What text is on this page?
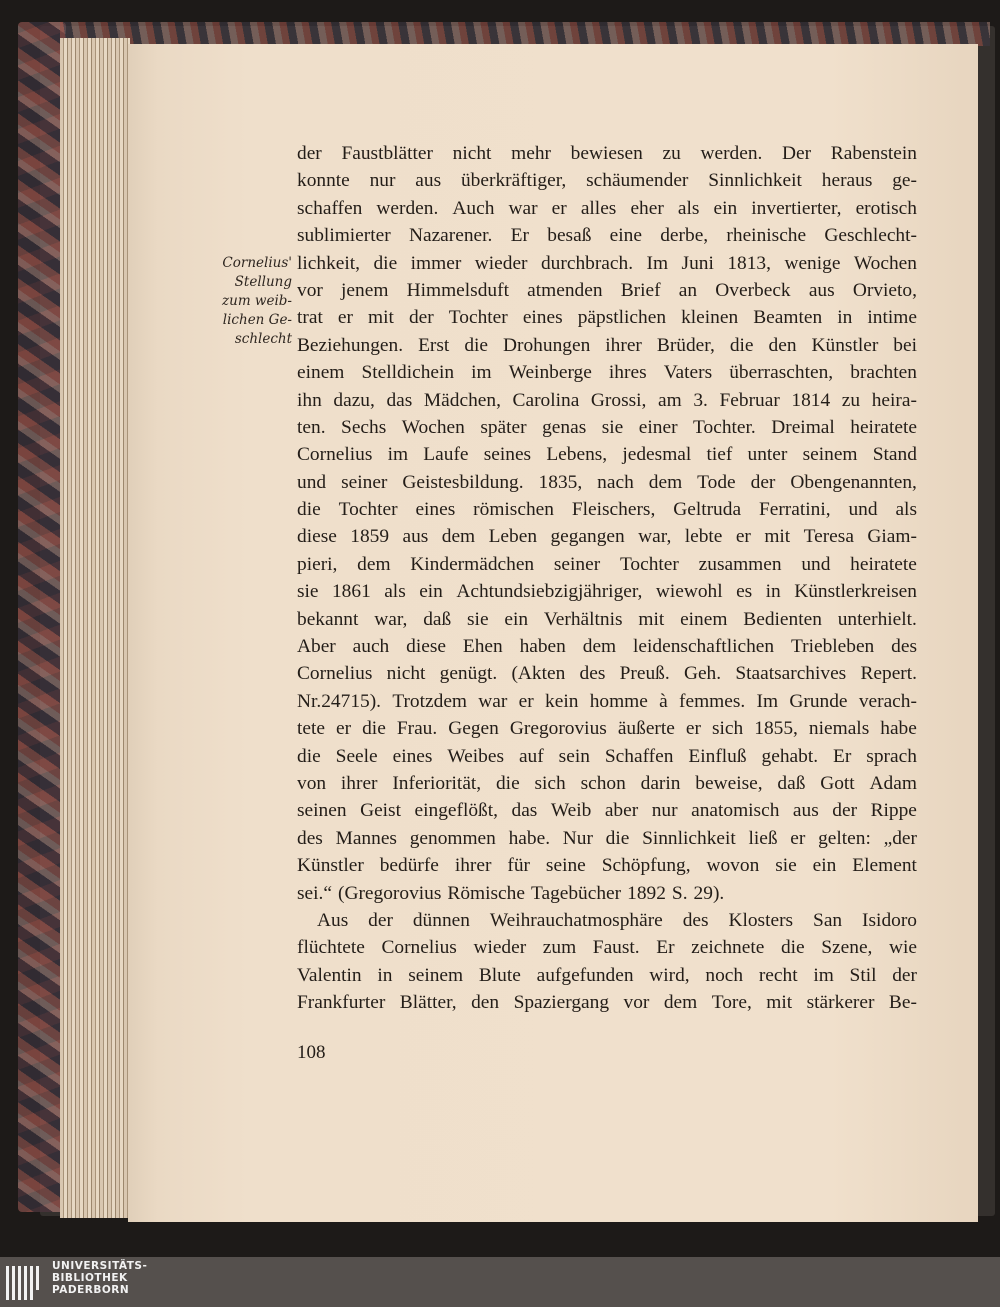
Cornelius'
Stellung
zum weib-
lichen Ge-
schlecht
der Faustblätter nicht mehr bewiesen zu werden. Der Rabenstein
konnte nur aus überkräftiger, schäumender Sinnlichkeit heraus ge-
schaffen werden. Auch war er alles eher als ein invertierter, erotisch
sublimierter Nazarener. Er besaß eine derbe, rheinische Geschlecht-
lichkeit, die immer wieder durchbrach. Im Juni 1813, wenige Wochen
vor jenem Himmelsduft atmenden Brief an Overbeck aus Orvieto,
trat er mit der Tochter eines päpstlichen kleinen Beamten in intime
Beziehungen. Erst die Drohungen ihrer Brüder, die den Künstler bei
einem Stelldichein im Weinberge ihres Vaters überraschten, brachten
ihn dazu, das Mädchen, Carolina Grossi, am 3. Februar 1814 zu heira-
ten. Sechs Wochen später genas sie einer Tochter. Dreimal heiratete
Cornelius im Laufe seines Lebens, jedesmal tief unter seinem Stand
und seiner Geistesbildung. 1835, nach dem Tode der Obengenannten,
die Tochter eines römischen Fleischers, Geltruda Ferratini, und als
diese 1859 aus dem Leben gegangen war, lebte er mit Teresa Giam-
pieri, dem Kindermädchen seiner Tochter zusammen und heiratete
sie 1861 als ein Achtundsiebzigjähriger, wiewohl es in Künstlerkreisen
bekannt war, daß sie ein Verhältnis mit einem Bedienten unterhielt.
Aber auch diese Ehen haben dem leidenschaftlichen Triebleben des
Cornelius nicht genügt. (Akten des Preuß. Geh. Staatsarchives Repert.
Nr.24715). Trotzdem war er kein homme à femmes. Im Grunde verach-
tete er die Frau. Gegen Gregorovius äußerte er sich 1855, niemals habe
die Seele eines Weibes auf sein Schaffen Einfluß gehabt. Er sprach
von ihrer Inferiorität, die sich schon darin beweise, daß Gott Adam
seinen Geist eingeflößt, das Weib aber nur anatomisch aus der Rippe
des Mannes genommen habe. Nur die Sinnlichkeit ließ er gelten: „der
Künstler bedürfe ihrer für seine Schöpfung, wovon sie ein Element
sei.“ (Gregorovius Römische Tagebücher 1892 S. 29).
Aus der dünnen Weihrauchatmosphäre des Klosters San Isidoro
flüchtete Cornelius wieder zum Faust. Er zeichnete die Szene, wie
Valentin in seinem Blute aufgefunden wird, noch recht im Stil der
Frankfurter Blätter, den Spaziergang vor dem Tore, mit stärkerer Be-
108
UNIVERSITÄTS-
BIBLIOTHEK
PADERBORN
